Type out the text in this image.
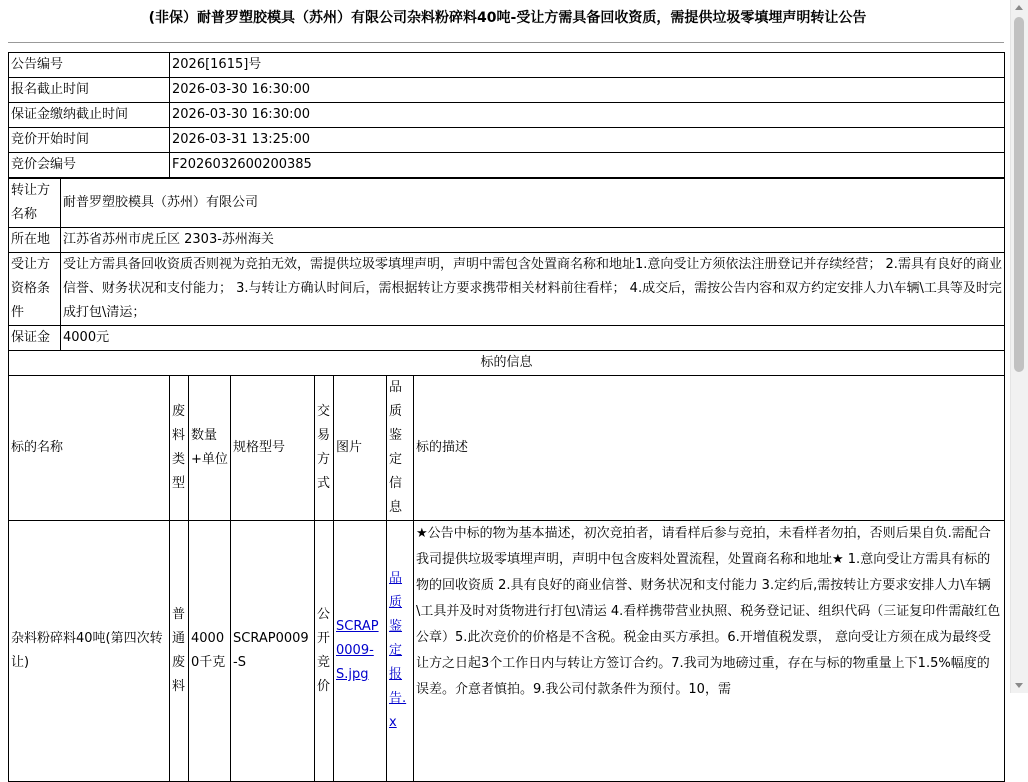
(非保）耐普罗塑胶模具（苏州）有限公司杂料粉碎料40吨-受让方需具备回收资质，需提供垃圾零填埋声明转让公告
公告编号	2026[1615]号
报名截止时间	2026-03-30 16:30:00
保证金缴纳截止时间	2026-03-30 16:30:00
竞价开始时间	2026-03-31 13:25:00
竞价会编号	F2026032600200385
转让方名称	耐普罗塑胶模具（苏州）有限公司
所在地	江苏省苏州市虎丘区 2303-苏州海关
受让方资格条件	受让方需具备回收资质否则视为竞拍无效，需提供垃圾零填埋声明，声明中需包含处置商名称和地址1.意向受让方须依法注册登记并存续经营； 2.需具有良好的商业信誉、财务状况和支付能力； 3.与转让方确认时间后，需根据转让方要求携带相关材料前往看样； 4.成交后，需按公告内容和双方约定安排人力\车辆\工具等及时完成打包\清运；
保证金	4000元
标的信息							
标的名称	废料类型	数量+单位	规格型号	交易方式	图片	品质鉴定信息	标的描述
杂料粉碎料40吨(第四次转让)	普通废料	40000千克	SCRAP0009-S	公开竞价	SCRAP0009-S.jpg	品质鉴定报告.x	★公告中标的物为基本描述，初次竞拍者，请看样后参与竞拍，未看样者勿拍，否则后果自负.需配合我司提供垃圾零填埋声明，声明中包含废料处置流程，处置商名称和地址★ 1.意向受让方需具有标的物的回收资质 2.具有良好的商业信誉、财务状况和支付能力 3.定约后,需按转让方要求安排人力\车辆\工具并及时对货物进行打包\清运 4.看样携带营业执照、税务登记证、组织代码（三证复印件需敲红色公章）5.此次竞价的价格是不含税。税金由买方承担。6.开增值税发票， 意向受让方须在成为最终受让方之日起3个工作日内与转让方签订合约。7.我司为地磅过重，存在与标的物重量上下1.5%幅度的误差。介意者慎拍。9.我公司付款条件为预付。10，需
